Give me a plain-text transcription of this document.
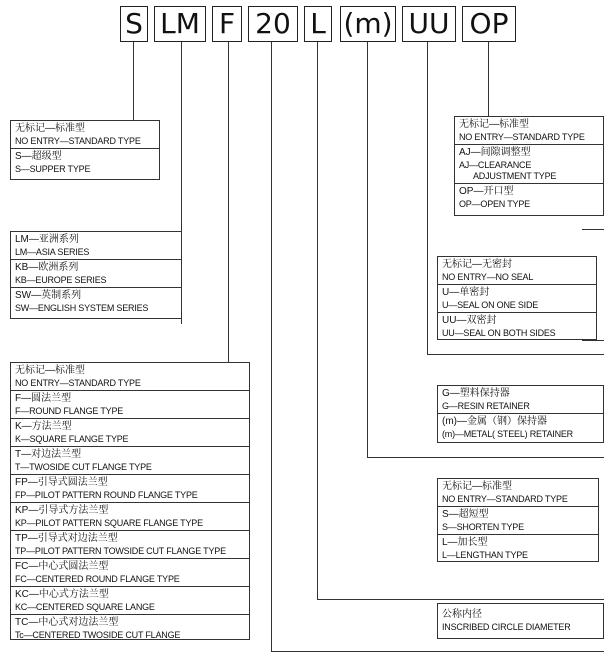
S LM F 20 L (m) UU OP
无标记—标准型
NO ENTRY—STANDARD TYPE
S—超级型
S—SUPPER TYPE
LM—亚洲系列
LM—ASIA SERIES
KB—欧洲系列
KB—EUROPE SERIES
SW—英制系列
SW—ENGLISH SYSTEM SERIES
无标记—标准型
NO ENTRY—STANDARD TYPE
F—圆法兰型
F—ROUND FLANGE TYPE
K—方法兰型
K—SQUARE FLANGE TYPE
T—对边法兰型
T—TWOSIDE CUT FLANGE TYPE
FP—引导式圆法兰型
FP—PILOT PATTERN ROUND FLANGE TYPE
KP—引导式方法兰型
KP—PILOT PATTERN SQUARE FLANGE TYPE
TP—引导式对边法兰型
TP—PILOT PATTERN TOWSIDE CUT FLANGE TYPE
FC—中心式圆法兰型
FC—CENTERED ROUND FLANGE TYPE
KC—中心式方法兰型
KC—CENTERED SQUARE LANGE
TC—中心式对边法兰型
Tc—CENTERED TWOSIDE CUT FLANGE
无标记—标准型
NO ENTRY—STANDARD TYPE
AJ—间隙调整型
AJ—CLEARANCE
ADJUSTMENT TYPE
OP—开口型
OP—OPEN TYPE
无标记—无密封
NO ENTRY—NO SEAL
U—单密封
U—SEAL ON ONE SIDE
UU—双密封
UU—SEAL ON BOTH SIDES
G—塑料保持器
G—RESIN RETAINER
(m)—金属（钢）保持器
(m)—METAL( STEEL) RETAINER
无标记—标准型
NO ENTRY—STANDARD TYPE
S—超短型
S—SHORTEN TYPE
L—加长型
L—LENGTHAN TYPE
公称内径
INSCRIBED CIRCLE DIAMETER
